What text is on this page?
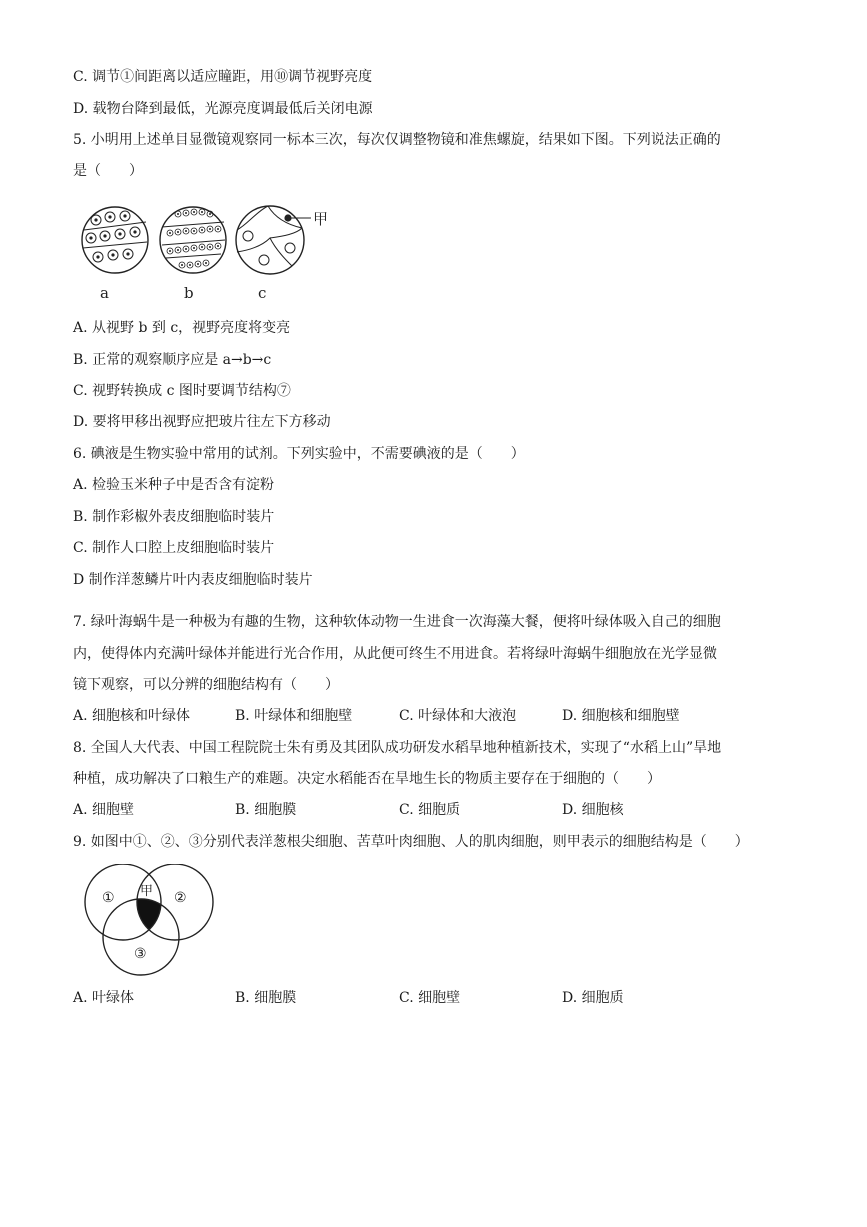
C. 调节①间距离以适应瞳距，用⑩调节视野亮度
D. 载物台降到最低，光源亮度调最低后关闭电源
5. 小明用上述单目显微镜观察同一标本三次，每次仅调整物镜和准焦螺旋，结果如下图。下列说法正确的
是（　　）
甲
a	b	c
A. 从视野 b 到 c，视野亮度将变亮
B. 正常的观察顺序应是 a→b→c
C. 视野转换成 c 图时要调节结构⑦
D. 要将甲移出视野应把玻片往左下方移动
6. 碘液是生物实验中常用的试剂。下列实验中，不需要碘液的是（　　）
A. 检验玉米种子中是否含有淀粉
B. 制作彩椒外表皮细胞临时装片
C. 制作人口腔上皮细胞临时装片
D 制作洋葱鳞片叶内表皮细胞临时装片
7. 绿叶海蜗牛是一种极为有趣的生物，这种软体动物一生进食一次海藻大餐，便将叶绿体吸入自己的细胞
内，使得体内充满叶绿体并能进行光合作用，从此便可终生不用进食。若将绿叶海蜗牛细胞放在光学显微
镜下观察，可以分辨的细胞结构有（　　）
A. 细胞核和叶绿体	B. 叶绿体和细胞壁	C. 叶绿体和大液泡	D. 细胞核和细胞壁
8. 全国人大代表、中国工程院院士朱有勇及其团队成功研发水稻旱地种植新技术，实现了“水稻上山”旱地
种植，成功解决了口粮生产的难题。决定水稻能否在旱地生长的物质主要存在于细胞的（　　）
A. 细胞壁	B. 细胞膜	C. 细胞质	D. 细胞核
9. 如图中①、②、③分别代表洋葱根尖细胞、苦草叶肉细胞、人的肌肉细胞，则甲表示的细胞结构是（　　）
①	②
③
甲
A. 叶绿体	B. 细胞膜	C. 细胞壁	D. 细胞质
